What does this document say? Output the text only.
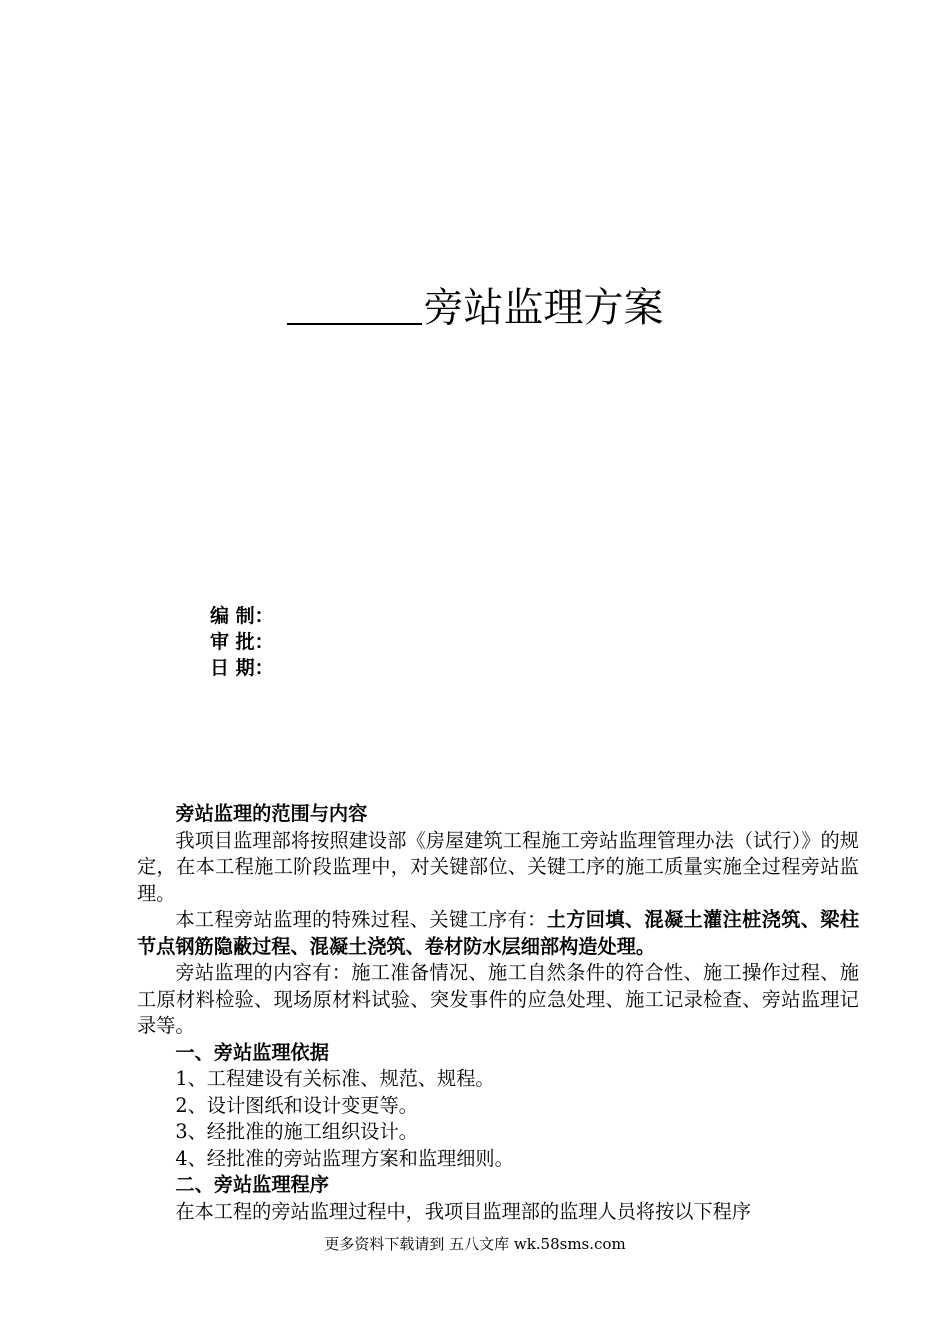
旁站监理方案
编 制：
审 批：
日 期：

旁站监理的范围与内容

我项目监理部将按照建设部《房屋建筑工程施工旁站监理管理办法（试行）》的规定，在本工程施工阶段监理中，对关键部位、关键工序的施工质量实施全过程旁站监理。

本工程旁站监理的特殊过程、关键工序有：土方回填、混凝土灌注桩浇筑、梁柱节点钢筋隐蔽过程、混凝土浇筑、卷材防水层细部构造处理。

旁站监理的内容有：施工准备情况、施工自然条件的符合性、施工操作过程、施工原材料检验、现场原材料试验、突发事件的应急处理、施工记录检查、旁站监理记录等。

一、旁站监理依据

1、工程建设有关标准、规范、规程。

2、设计图纸和设计变更等。

3、经批准的施工组织设计。

4、经批准的旁站监理方案和监理细则。

二、旁站监理程序

在本工程的旁站监理过程中，我项目监理部的监理人员将按以下程序

更多资料下载请到 五八文库 wk.58sms.com
